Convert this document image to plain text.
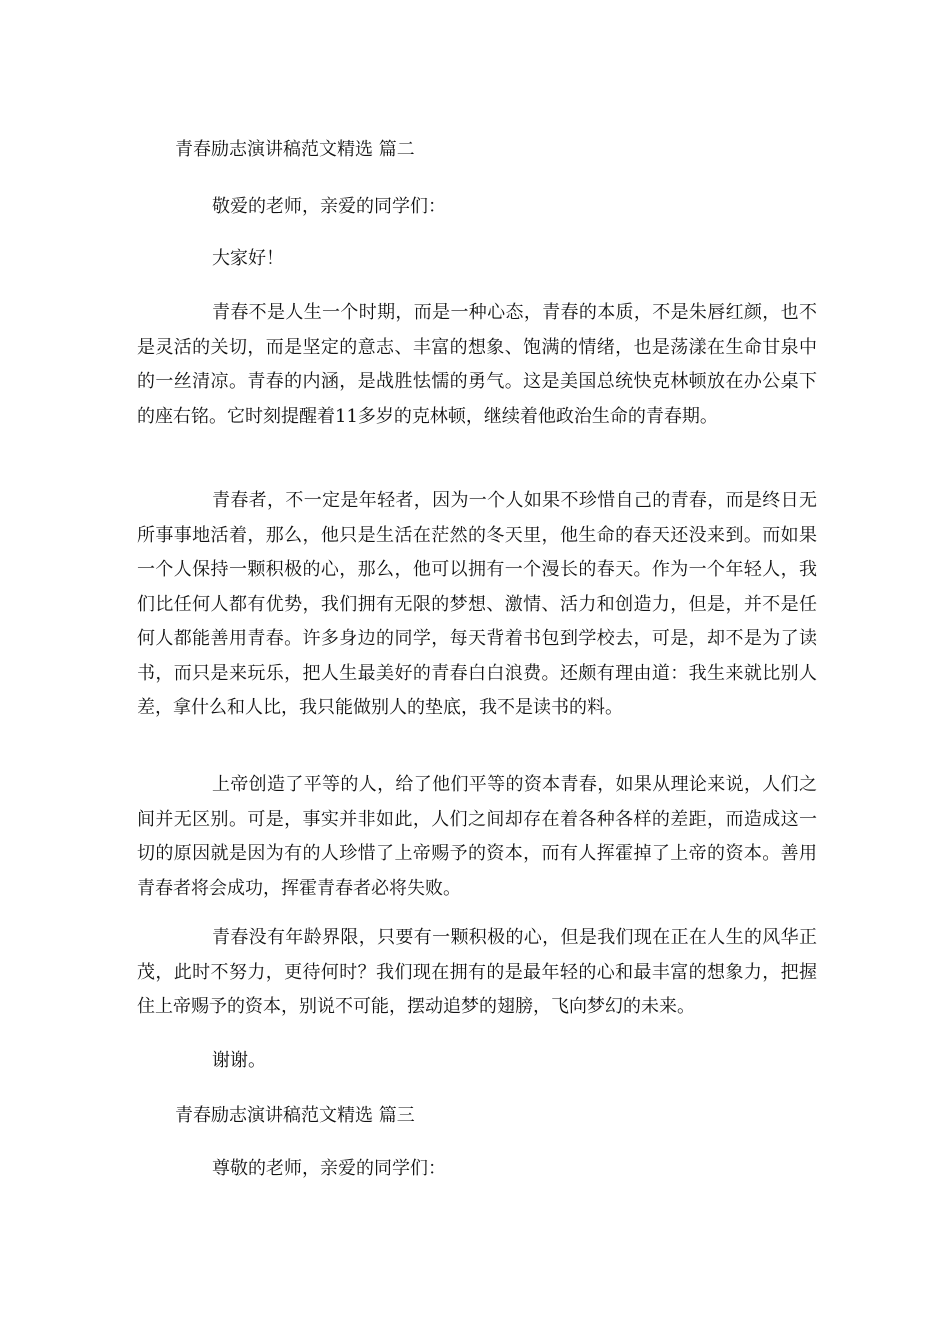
青春励志演讲稿范文精选 篇二
敬爱的老师，亲爱的同学们：
大家好！

青春不是人生一个时期，而是一种心态，青春的本质，不是朱唇红颜，也不是灵活的关切，而是坚定的意志、丰富的想象、饱满的情绪，也是荡漾在生命甘泉中的一丝清凉。青春的内涵，是战胜怯懦的勇气。这是美国总统快克林顿放在办公桌下的座右铭。它时刻提醒着11多岁的克林顿，继续着他政治生命的青春期。

青春者，不一定是年轻者，因为一个人如果不珍惜自己的青春，而是终日无所事事地活着，那么，他只是生活在茫然的冬天里，他生命的春天还没来到。而如果一个人保持一颗积极的心，那么，他可以拥有一个漫长的春天。作为一个年轻人，我们比任何人都有优势，我们拥有无限的梦想、激情、活力和创造力，但是，并不是任何人都能善用青春。许多身边的同学，每天背着书包到学校去，可是，却不是为了读书，而只是来玩乐，把人生最美好的青春白白浪费。还颇有理由道：我生来就比别人差，拿什么和人比，我只能做别人的垫底，我不是读书的料。

上帝创造了平等的人，给了他们平等的资本青春，如果从理论来说，人们之间并无区别。可是，事实并非如此，人们之间却存在着各种各样的差距，而造成这一切的原因就是因为有的人珍惜了上帝赐予的资本，而有人挥霍掉了上帝的资本。善用青春者将会成功，挥霍青春者必将失败。

青春没有年龄界限，只要有一颗积极的心，但是我们现在正在人生的风华正茂，此时不努力，更待何时？我们现在拥有的是最年轻的心和最丰富的想象力，把握住上帝赐予的资本，别说不可能，摆动追梦的翅膀，飞向梦幻的未来。

谢谢。
青春励志演讲稿范文精选 篇三
尊敬的老师，亲爱的同学们：
